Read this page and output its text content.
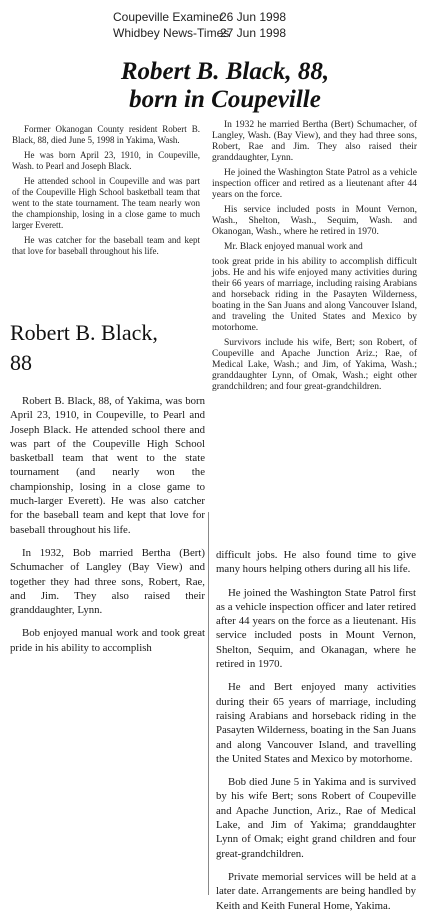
Coupeville Examiner
26 Jun 1998
Whidbey News-Times
27 Jun 1998
Robert B. Black, 88,
born in Coupeville

Former Okanogan County resident Robert B. Black, 88, died June 5, 1998 in Yakima, Wash.

He was born April 23, 1910, in Coupeville, Wash. to Pearl and Joseph Black.

He attended school in Coupeville and was part of the Coupeville High School basketball team that went to the state tournament. The team nearly won the championship, losing in a close game to much larger Everett.

He was catcher for the baseball team and kept that love for baseball throughout his life.

In 1932 he married Bertha (Bert) Schumacher, of Langley, Wash. (Bay View), and they had three sons, Robert, Rae and Jim. They also raised their granddaughter, Lynn.

He joined the Washington State Patrol as a vehicle inspection officer and retired as a lieutenant after 44 years on the force.

His service included posts in Mount Vernon, Wash., Shelton, Wash., Sequim, Wash. and Okanogan, Wash., where he retired in 1970.

Mr. Black enjoyed manual work and

took great pride in his ability to accomplish difficult jobs. He and his wife enjoyed many activities during their 66 years of marriage, including raising Arabians and horseback riding in the Pasayten Wilderness, boating in the San Juans and along Vancouver Island, and traveling the United States and Mexico by motorhome.

Survivors include his wife, Bert; son Robert, of Coupeville and Apache Junction Ariz.; Rae, of Medical Lake, Wash.; and Jim, of Yakima, Wash.; granddaughter Lynn, of Omak, Wash.; eight other grandchildren; and four great-grandchildren.

Robert B. Black,
88

Robert B. Black, 88, of Yakima, was born April 23, 1910, in Coupeville, to Pearl and Joseph Black. He attended school there and was part of the Coupeville High School basketball team that went to the state tournament (and nearly won the championship, losing in a close game to much-larger Everett). He was also catcher for the baseball team and kept that love for baseball throughout his life.

In 1932, Bob married Bertha (Bert) Schumacher of Langley (Bay View) and together they had three sons, Robert, Rae, and Jim. They also raised their granddaughter, Lynn.

Bob enjoyed manual work and took great pride in his ability to accomplish

difficult jobs. He also found time to give many hours helping others during all his life.

He joined the Washington State Patrol first as a vehicle inspection officer and later retired after 44 years on the force as a lieutenant. His service included posts in Mount Vernon, Shelton, Sequim, and Okanagan, where he retired in 1970.

He and Bert enjoyed many activities during their 65 years of marriage, including raising Arabians and horseback riding in the Pasayten Wilderness, boating in the San Juans and along Vancouver Island, and travelling the United States and Mexico by motorhome.

Bob died June 5 in Yakima and is survived by his wife Bert; sons Robert of Coupeville and Apache Junction, Ariz., Rae of Medical Lake, and Jim of Yakima; granddaughter Lynn of Omak; eight grand children and four great-grandchildren.

Private memorial services will be held at a later date. Arrangements are being handled by Keith and Keith Funeral Home, Yakima.
